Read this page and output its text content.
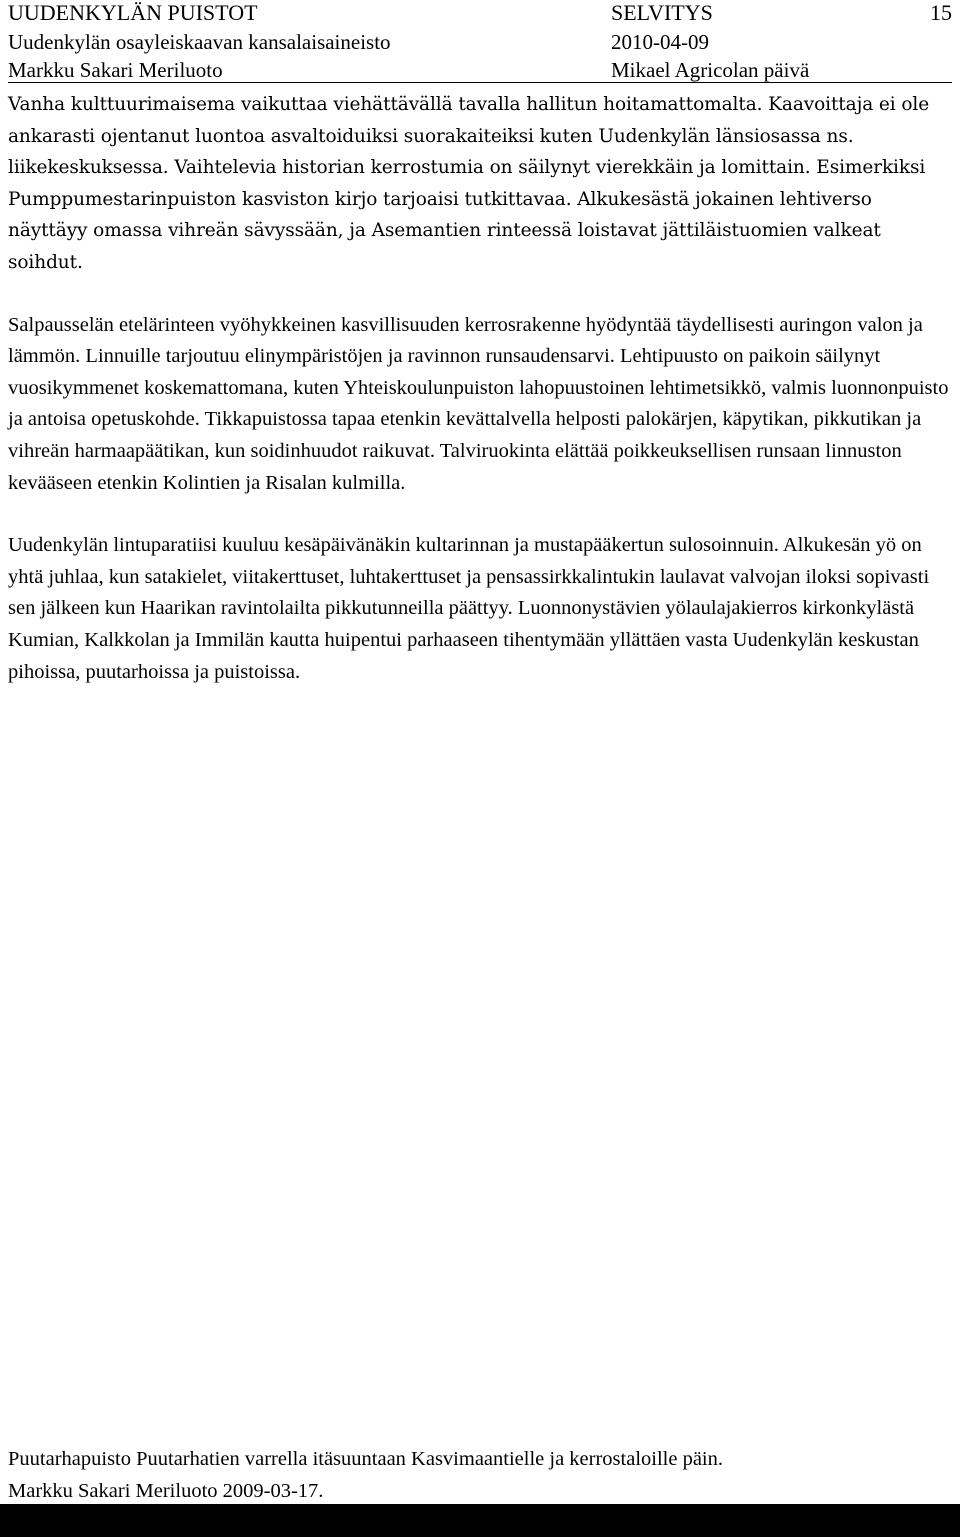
UUDENKYLÄN PUISTOT	SELVITYS	15
Uudenkylän osayleiskaavan kansalaisaineisto	2010-04-09
Markku Sakari Meriluoto	Mikael Agricolan päivä

Vanha kulttuurimaisema vaikuttaa viehättävällä tavalla hallitun hoitamattomalta. Kaavoittaja ei ole ankarasti ojentanut luontoa asvaltoiduiksi suorakaiteiksi kuten Uudenkylän länsiosassa ns. liikekeskuksessa. Vaihtelevia historian kerrostumia on säilynyt vierekkäin ja lomittain. Esimerkiksi Pumppumestarinpuiston kasviston kirjo tarjoaisi tutkittavaa. Alkukesästä jokainen lehtiverso näyttäyy omassa vihreän sävyssään, ja Asemantien rinteessä loistavat jättiläistuomien valkeat soihdut.

Salpausselän etelärinteen vyöhykkeinen kasvillisuuden kerrosrakenne hyödyntää täydellisesti auringon valon ja lämmön. Linnuille tarjoutuu elinympäristöjen ja ravinnon runsaudensarvi. Lehtipuusto on paikoin säilynyt vuosikymmenet koskemattomana, kuten Yhteiskoulunpuiston lahopuustoinen lehtimetsikkö, valmis luonnonpuisto ja antoisa opetuskohde. Tikkapuistossa tapaa etenkin kevättalvella helposti palokärjen, käpytikan, pikkutikan ja vihreän harmaapäätikan, kun soidinhuudot raikuvat. Talviruokinta elättää poikkeuksellisen runsaan linnuston kevääseen etenkin Kolintien ja Risalan kulmilla.

Uudenkylän lintuparatiisi kuuluu kesäpäivänäkin kultarinnan ja mustapääkertun sulosoinnuin. Alkukesän yö on yhtä juhlaa, kun satakielet, viitakerttuset, luhtakerttuset ja pensassirkkalintukin laulavat valvojan iloksi sopivasti sen jälkeen kun Haarikan ravintolailta pikkutunneilla päättyy. Luonnonystävien yölaulajakierros kirkonkylästä Kumian, Kalkkolan ja Immilän kautta huipentui parhaaseen tihentymään yllättäen vasta Uudenkylän keskustan pihoissa, puutarhoissa ja puistoissa.

Puutarhapuisto Puutarhatien varrella itäsuuntaan Kasvimaantielle ja kerrostaloille päin.
Markku Sakari Meriluoto 2009-03-17.
